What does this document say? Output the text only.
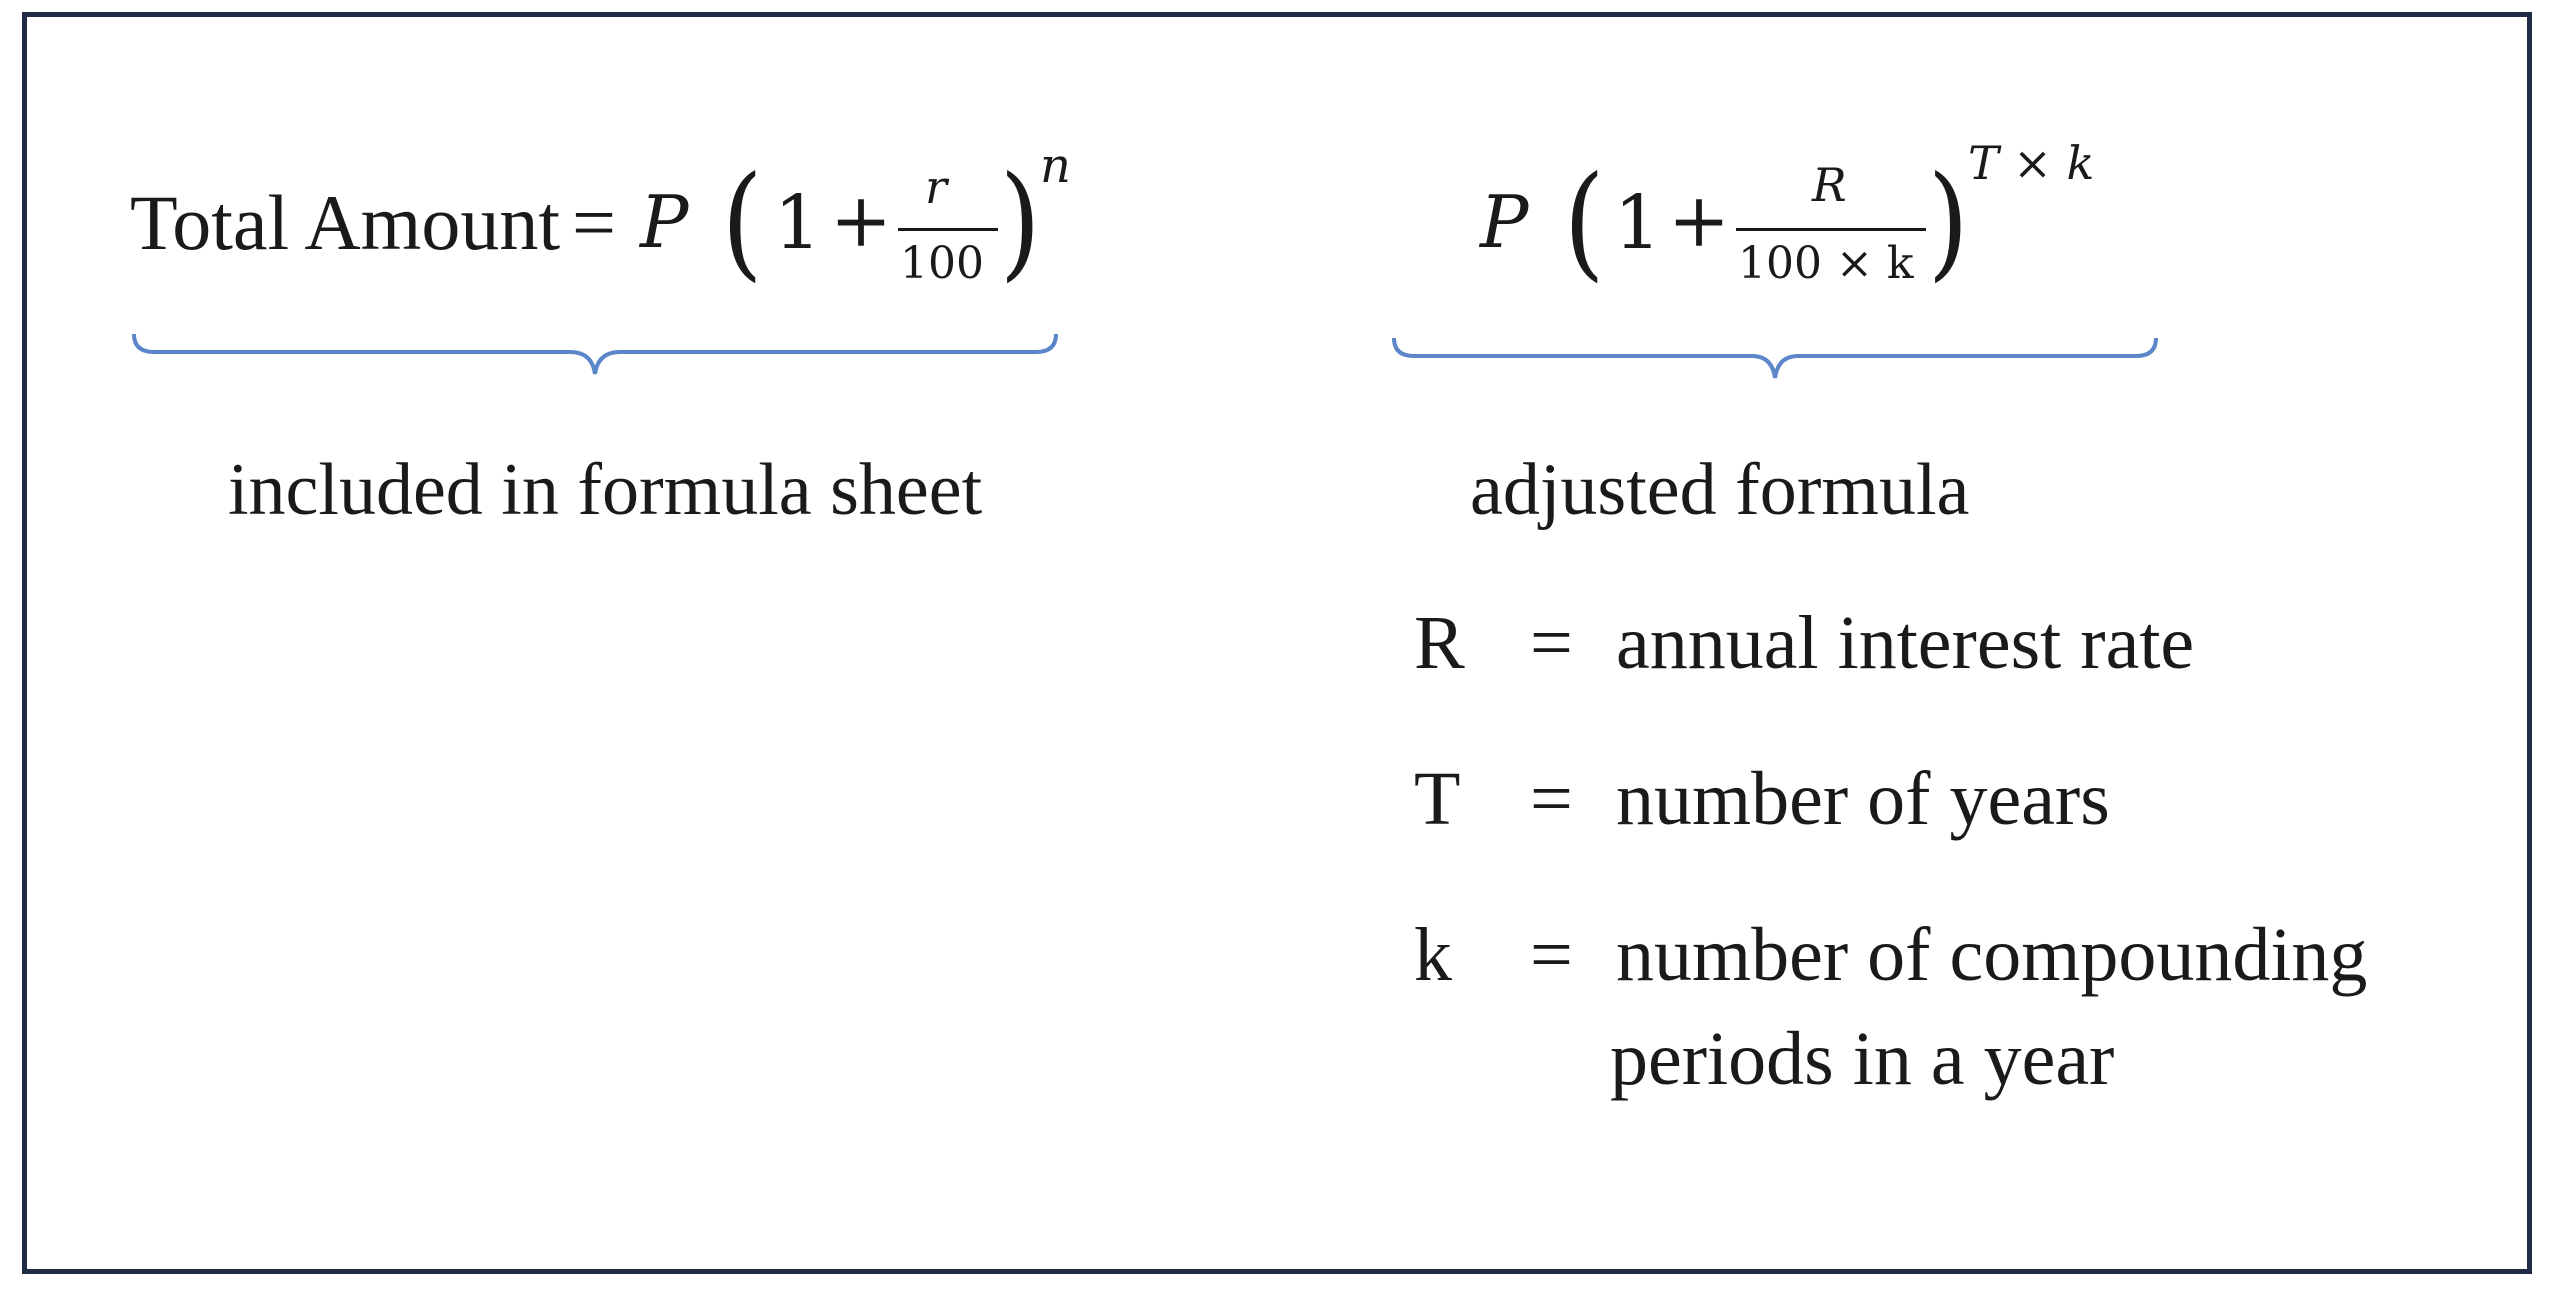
Total Amount = P ( 1 + r
100 ) n
included in formula sheet
P ( 1 + R
100 × k ) T × k
adjusted formula
R = annual interest rate
T = number of years
k = number of compounding
periods in a year
